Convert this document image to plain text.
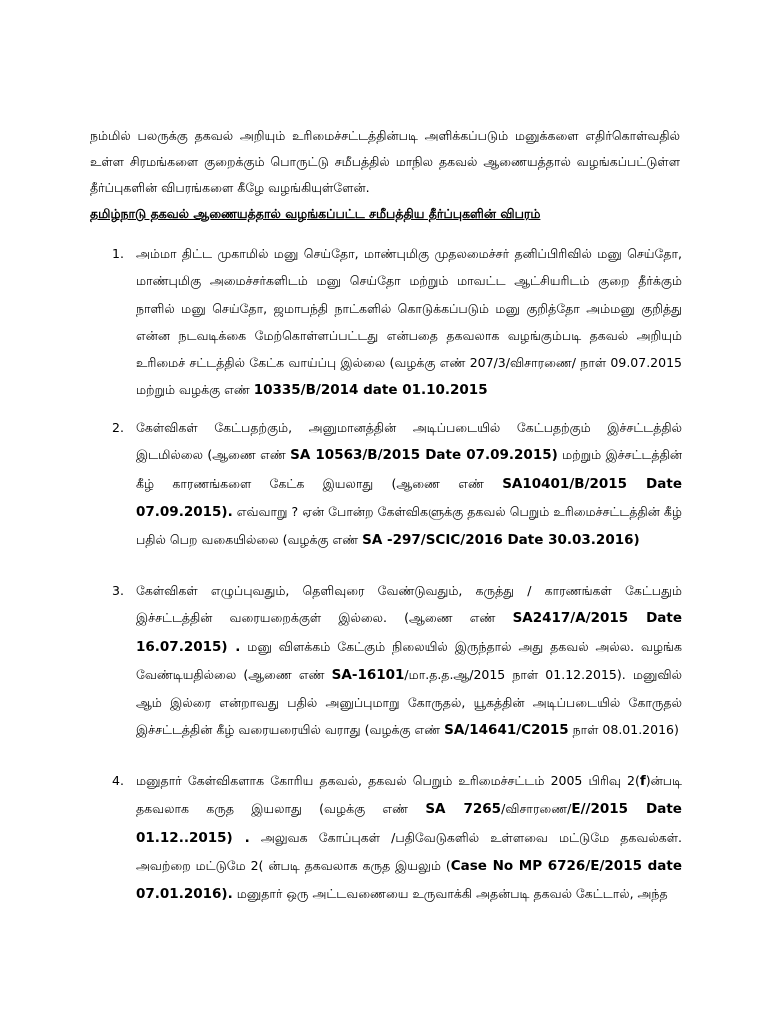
நம்மில் பலருக்கு தகவல் அறியும் உரிமைச்சட்டத்தின்படி அளிக்கப்படும் மனுக்களை எதிர்கொள்வதில் உள்ள சிரமங்களை குறைக்கும் பொருட்டு சமீபத்தில் மாநில தகவல் ஆணையத்தால் வழங்கப்பட்டுள்ள தீர்ப்புகளின் விபரங்களை கீழே வழங்கியுள்ளேன்.

தமிழ்நாடு தகவல் ஆணையத்தால் வழங்கப்பட்ட சமீபத்திய தீர்ப்புகளின் விபரம்
1. அம்மா திட்ட முகாமில் மனு செய்தோ, மாண்புமிகு முதலமைச்சர் தனிப்பிரிவில் மனு செய்தோ, மாண்புமிகு அமைச்சர்களிடம் மனு செய்தோ மற்றும் மாவட்ட ஆட்சியரிடம் குறை தீர்க்கும் நாளில் மனு செய்தோ, ஜமாபந்தி நாட்களில் கொடுக்கப்படும் மனு குறித்தோ அம்மனு குறித்து என்ன நடவடிக்கை மேற்கொள்ளப்பட்டது என்பதை தகவலாக வழங்கும்படி தகவல் அறியும் உரிமைச் சட்டத்தில் கேட்க வாய்ப்பு இல்லை (வழக்கு எண் 207/3/விசாரணை/ நாள் 09.07.2015 மற்றும் வழக்கு எண் 10335/B/2014 date 01.10.2015
2. கேள்விகள் கேட்பதற்கும், அனுமானத்தின் அடிப்படையில் கேட்பதற்கும் இச்சட்டத்தில் இடமில்லை (ஆணை எண் SA 10563/B/2015 Date 07.09.2015) மற்றும் இச்சட்டத்தின் கீழ் காரணங்களை கேட்க இயலாது (ஆணை எண் SA10401/B/2015 Date 07.09.2015). எவ்வாறு ? ஏன் போன்ற கேள்விகளுக்கு தகவல் பெறும் உரிமைச்சட்டத்தின் கீழ் பதில் பெற வகையில்லை (வழக்கு எண் SA -297/SCIC/2016 Date 30.03.2016)
3. கேள்விகள் எழுப்புவதும், தெளிவுரை வேண்டுவதும், கருத்து / காரணங்கள் கேட்பதும் இச்சட்டத்தின் வரையறைக்குள் இல்லை. (ஆணை எண் SA2417/A/2015 Date 16.07.2015) . மனு விளக்கம் கேட்கும் நிலையில் இருந்தால் அது தகவல் அல்ல. வழங்க வேண்டியதில்லை (ஆணை எண் SA-16101/மா.த.த.ஆ/2015 நாள் 01.12.2015). மனுவில் ஆம் இல்ரை என்றாவது பதில் அனுப்புமாறு கோருதல், யூகத்தின் அடிப்படையில் கோருதல் இச்சட்டத்தின் கீழ் வரையரையில் வராது (வழக்கு எண் SA/14641/C2015 நாள் 08.01.2016)
4. மனுதார் கேள்விகளாக கோரிய தகவல், தகவல் பெறும் உரிமைச்சட்டம் 2005 பிரிவு 2(f)ன்படி தகவலாக கருத இயலாது (வழக்கு எண் SA 7265/விசாரணை/E//2015 Date 01.12..2015) . அலுவக கோப்புகள் /பதிவேடுகளில் உள்ளவை மட்டுமே தகவல்கள். அவற்றை மட்டுமே 2( ன்படி தகவலாக கருத இயலும் (Case No MP 6726/E/2015 date 07.01.2016). மனுதார் ஒரு அட்டவணையை உருவாக்கி அதன்படி தகவல் கேட்டால், அந்த
